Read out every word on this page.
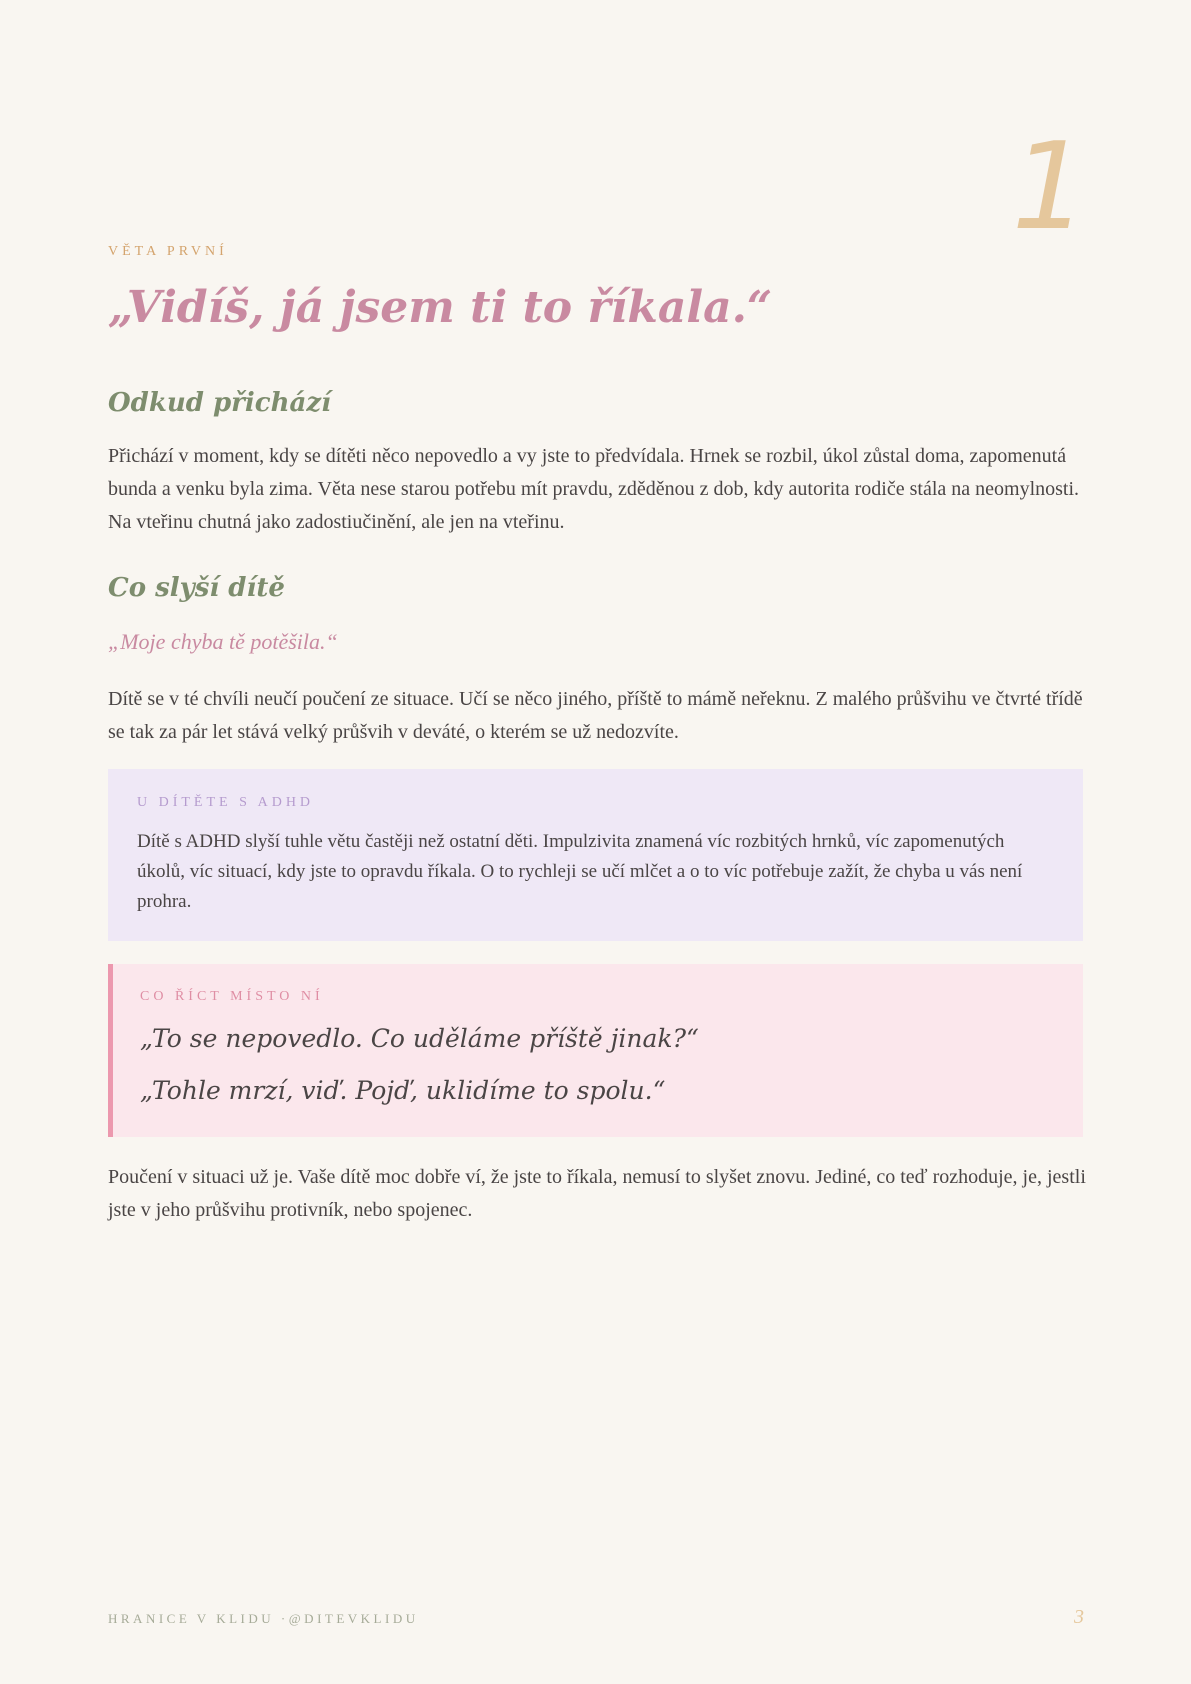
1
VĚTA PRVNÍ
„Vidíš, já jsem ti to říkala.“
Odkud přichází

Přichází v moment, kdy se dítěti něco nepovedlo a vy jste to předvídala. Hrnek se rozbil, úkol zůstal doma, zapomenutá bunda a venku byla zima. Věta nese starou potřebu mít pravdu, zděděnou z dob, kdy autorita rodiče stála na neomylnosti. Na vteřinu chutná jako zadostiučinění, ale jen na vteřinu.

Co slyší dítě

„Moje chyba tě potěšila.“

Dítě se v té chvíli neučí poučení ze situace. Učí se něco jiného, příště to mámě neřeknu. Z malého průšvihu ve čtvrté třídě se tak za pár let stává velký průšvih v deváté, o kterém se už nedozvíte.

U DÍTĚTE S ADHD

Dítě s ADHD slyší tuhle větu častěji než ostatní děti. Impulzivita znamená víc rozbitých hrnků, víc zapomenutých úkolů, víc situací, kdy jste to opravdu říkala. O to rychleji se učí mlčet a o to víc potřebuje zažít, že chyba u vás není prohra.

CO ŘÍCT MÍSTO NÍ

„To se nepovedlo. Co uděláme příště jinak?“

„Tohle mrzí, viď. Pojď, uklidíme to spolu.“

Poučení v situaci už je. Vaše dítě moc dobře ví, že jste to říkala, nemusí to slyšet znovu. Jediné, co teď rozhoduje, je, jestli jste v jeho průšvihu protivník, nebo spojenec.

HRANICE V KLIDU ·@DITEVKLIDU	3
